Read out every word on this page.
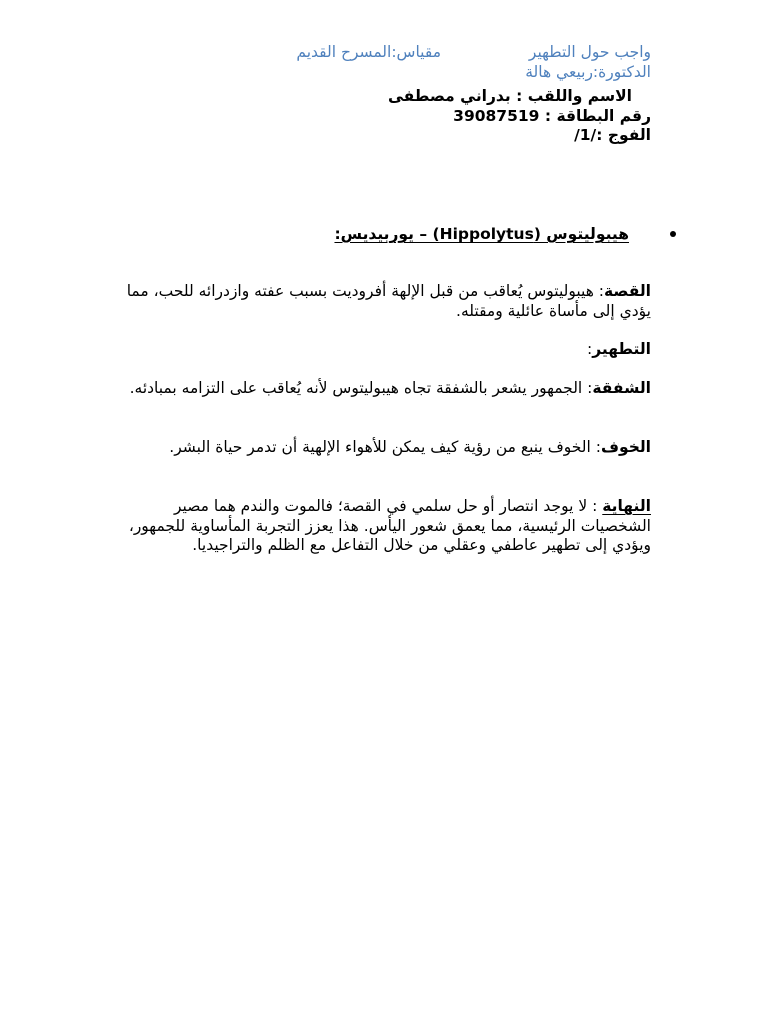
واجب حول التطهير
مقياس:المسرح القديم
الدكتورة:ربيعي هالة
الاسم واللقب : بدراني مصطفى
رقم البطاقة : 39087519
الفوج :/1/
هيبوليتوس (Hippolytus) – يوربيديس:
القصة: هيبوليتوس يُعاقب من قبل الإلهة أفروديت بسبب عفته وازدرائه للحب، مما يؤدي إلى مأساة عائلية ومقتله.
التطهير:
الشفقة: الجمهور يشعر بالشفقة تجاه هيبوليتوس لأنه يُعاقب على التزامه بمبادئه.
الخوف: الخوف ينبع من رؤية كيف يمكن للأهواء الإلهية أن تدمر حياة البشر.
النهاية : لا يوجد انتصار أو حل سلمي في القصة؛ فالموت والندم هما مصير الشخصيات الرئيسية، مما يعمق شعور اليأس. هذا يعزز التجربة المأساوية للجمهور، ويؤدي إلى تطهير عاطفي وعقلي من خلال التفاعل مع الظلم والتراجيديا.
